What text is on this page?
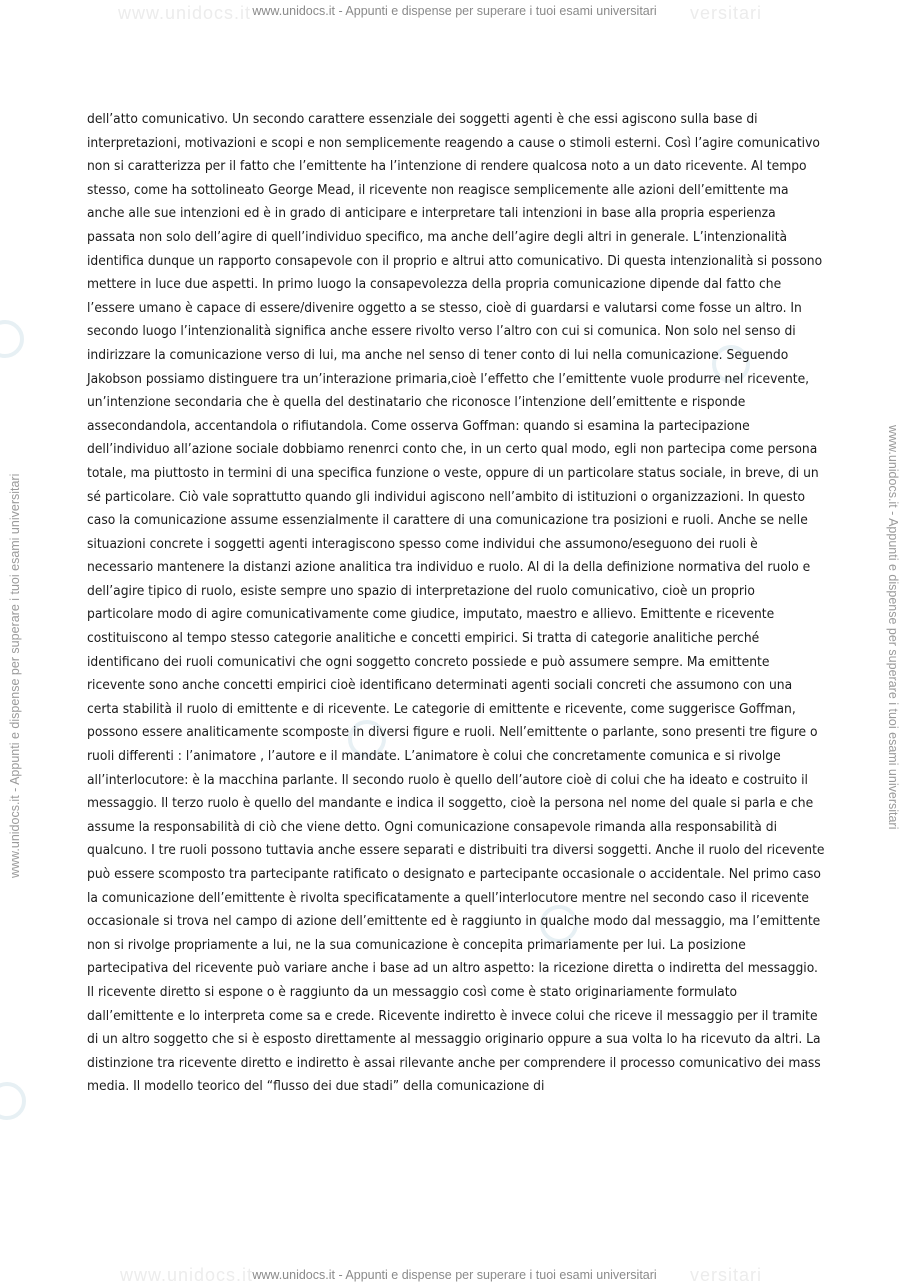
www.unidocs.it	versitari
www.unidocs.it	versitari
www.unidocs.it - Appunti e dispense per superare i tuoi esami universitari
www.unidocs.it - Appunti e dispense per superare i tuoi esami universitari
www.unidocs.it - Appunti e dispense per superare i tuoi esami universitari	www.unidocs.it - Appunti e dispense per superare i tuoi esami universitari

dell’atto comunicativo. Un secondo carattere essenziale dei soggetti agenti è che essi agiscono sulla base di interpretazioni, motivazioni e scopi e non semplicemente reagendo a cause o stimoli esterni. Così l’agire comunicativo non si caratterizza per il fatto che l’emittente ha l’intenzione di rendere qualcosa noto a un dato ricevente. Al tempo stesso, come ha sottolineato George Mead, il ricevente non reagisce semplicemente alle azioni dell’emittente ma anche alle sue intenzioni ed è in grado di anticipare e interpretare tali intenzioni in base alla propria esperienza passata non solo dell’agire di quell’individuo specifico, ma anche dell’agire degli altri in generale. L’intenzionalità identifica dunque un rapporto consapevole con il proprio e altrui atto comunicativo. Di questa intenzionalità si possono mettere in luce due aspetti. In primo luogo la consapevolezza della propria comunicazione dipende dal fatto che l’essere umano è capace di essere/divenire oggetto a se stesso, cioè di guardarsi e valutarsi come fosse un altro. In secondo luogo l’intenzionalità significa anche essere rivolto verso l’altro con cui si comunica. Non solo nel senso di indirizzare la comunicazione verso di lui, ma anche nel senso di tener conto di lui nella comunicazione. Seguendo Jakobson possiamo distinguere tra un’interazione primaria,cioè l’effetto che l’emittente vuole produrre nel ricevente, un’intenzione secondaria che è quella del destinatario che riconosce l’intenzione dell’emittente e risponde assecondandola, accentandola o rifiutandola. Come osserva Goffman: quando si esamina la partecipazione dell’individuo all’azione sociale dobbiamo renenrci conto che, in un certo qual modo, egli non partecipa come persona totale, ma piuttosto in termini di una specifica funzione o veste, oppure di un particolare status sociale, in breve, di un sé particolare. Ciò vale soprattutto quando gli individui agiscono nell’ambito di istituzioni o organizzazioni. In questo caso la comunicazione assume essenzialmente il carattere di una comunicazione tra posizioni e ruoli. Anche se nelle situazioni concrete i soggetti agenti interagiscono spesso come individui che assumono/eseguono dei ruoli è necessario mantenere la distanzi azione analitica tra individuo e ruolo. Al di la della definizione normativa del ruolo e dell’agire tipico di ruolo, esiste sempre uno spazio di interpretazione del ruolo comunicativo, cioè un proprio particolare modo di agire comunicativamente come giudice, imputato, maestro e allievo. Emittente e ricevente costituiscono al tempo stesso categorie analitiche e concetti empirici. Si tratta di categorie analitiche perché identificano dei ruoli comunicativi che ogni soggetto concreto possiede e può assumere sempre. Ma emittente ricevente sono anche concetti empirici cioè identificano determinati agenti sociali concreti che assumono con una certa stabilità il ruolo di emittente e di ricevente. Le categorie di emittente e ricevente, come suggerisce Goffman, possono essere analiticamente scomposte in diversi figure e ruoli. Nell’emittente o parlante, sono presenti tre figure o ruoli differenti : l’animatore , l’autore e il mandate. L’animatore è colui che concretamente comunica e si rivolge all’interlocutore: è la macchina parlante. Il secondo ruolo è quello dell’autore cioè di colui che ha ideato e costruito il messaggio. Il terzo ruolo è quello del mandante e indica il soggetto, cioè la persona nel nome del quale si parla e che assume la responsabilità di ciò che viene detto. Ogni comunicazione consapevole rimanda alla responsabilità di qualcuno. I tre ruoli possono tuttavia anche essere separati e distribuiti tra diversi soggetti. Anche il ruolo del ricevente può essere scomposto tra partecipante ratificato o designato e partecipante occasionale o accidentale. Nel primo caso la comunicazione dell’emittente è rivolta specificatamente a quell’interlocutore mentre nel secondo caso il ricevente occasionale si trova nel campo di azione dell’emittente ed è raggiunto in qualche modo dal messaggio, ma l’emittente non si rivolge propriamente a lui, ne la sua comunicazione è concepita primariamente per lui. La posizione partecipativa del ricevente può variare anche i base ad un altro aspetto: la ricezione diretta o indiretta del messaggio. Il ricevente diretto si espone o è raggiunto da un messaggio così come è stato originariamente formulato dall’emittente e lo interpreta come sa e crede. Ricevente indiretto è invece colui che riceve il messaggio per il tramite di un altro soggetto che si è esposto direttamente al messaggio originario oppure a sua volta lo ha ricevuto da altri. La distinzione tra ricevente diretto e indiretto è assai rilevante anche per comprendere il processo comunicativo dei mass media. Il modello teorico del “flusso dei due stadi” della comunicazione di
